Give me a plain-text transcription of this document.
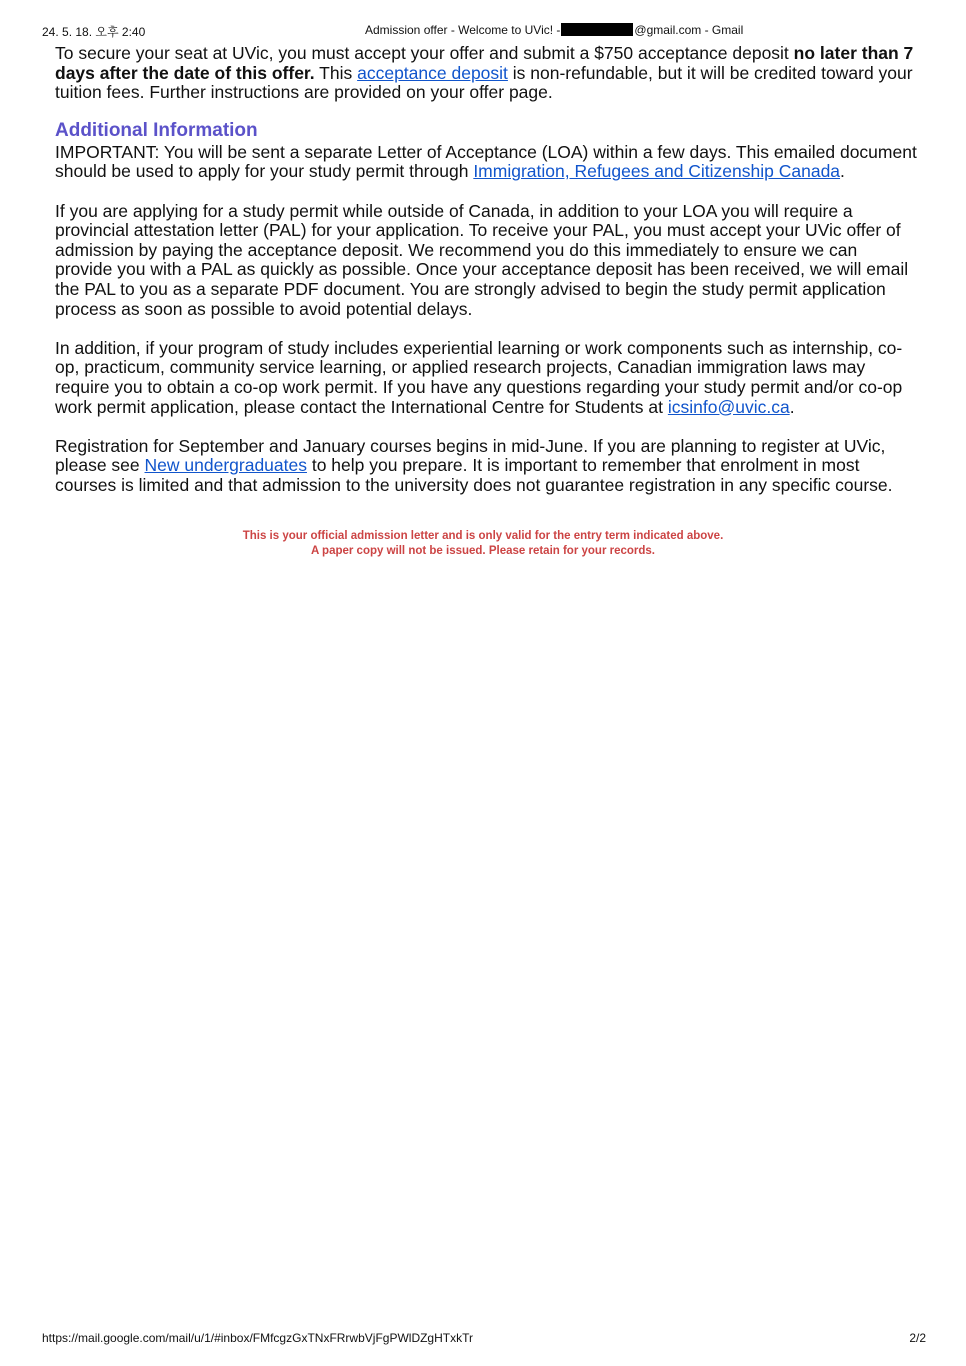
24. 5. 18. 오후 2:40	Admission offer - Welcome to UVic! -	@gmail.com - Gmail

To secure your seat at UVic, you must accept your offer and submit a $750 acceptance deposit no later than 7 days after the date of this offer. This acceptance deposit is non-refundable, but it will be credited toward your tuition fees. Further instructions are provided on your offer page.

Additional Information

IMPORTANT: You will be sent a separate Letter of Acceptance (LOA) within a few days. This emailed document should be used to apply for your study permit through Immigration, Refugees and Citizenship Canada.

If you are applying for a study permit while outside of Canada, in addition to your LOA you will require a provincial attestation letter (PAL) for your application. To receive your PAL, you must accept your UVic offer of admission by paying the acceptance deposit. We recommend you do this immediately to ensure we can provide you with a PAL as quickly as possible. Once your acceptance deposit has been received, we will email the PAL to you as a separate PDF document. You are strongly advised to begin the study permit application process as soon as possible to avoid potential delays.

In addition, if your program of study includes experiential learning or work components such as internship, co-op, practicum, community service learning, or applied research projects, Canadian immigration laws may require you to obtain a co-op work permit. If you have any questions regarding your study permit and/or co-op work permit application, please contact the International Centre for Students at icsinfo@uvic.ca.

Registration for September and January courses begins in mid-June. If you are planning to register at UVic, please see New undergraduates to help you prepare. It is important to remember that enrolment in most courses is limited and that admission to the university does not guarantee registration in any specific course.

This is your official admission letter and is only valid for the entry term indicated above.
A paper copy will not be issued. Please retain for your records.
https://mail.google.com/mail/u/1/#inbox/FMfcgzGxTNxFRrwbVjFgPWlDZgHTxkTr	2/2
